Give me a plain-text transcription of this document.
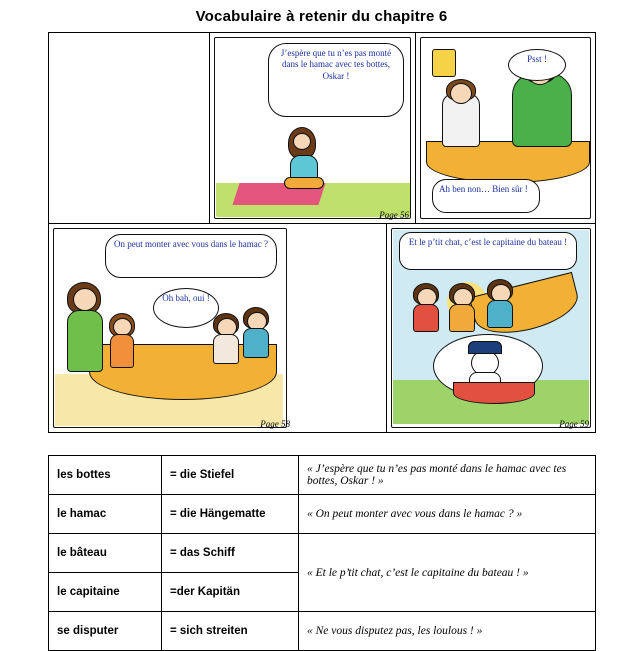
Vocabulaire à retenir du chapitre 6
J’espère que tu n’es pas monté dans le hamac avec tes bottes, Oskar !
Page 56
Psst !
Ah ben non… Bien sûr !
On peut monter avec vous dans le hamac ?
Oh bah, oui !
Page 58
Et le p’tit chat, c’est le capitaine du bateau !
Page 59
les bottes	= die Stiefel	« J’espère que tu n’es pas monté dans le hamac avec tes bottes, Oskar ! »
le hamac	= die Hängematte	« On peut monter avec vous dans le hamac ? »
le bâteau	= das Schiff	« Et le p’tit chat, c’est le capitaine du bateau ! »
le capitaine	=der Kapitän	
se disputer	= sich streiten	« Ne vous disputez pas, les loulous ! »
